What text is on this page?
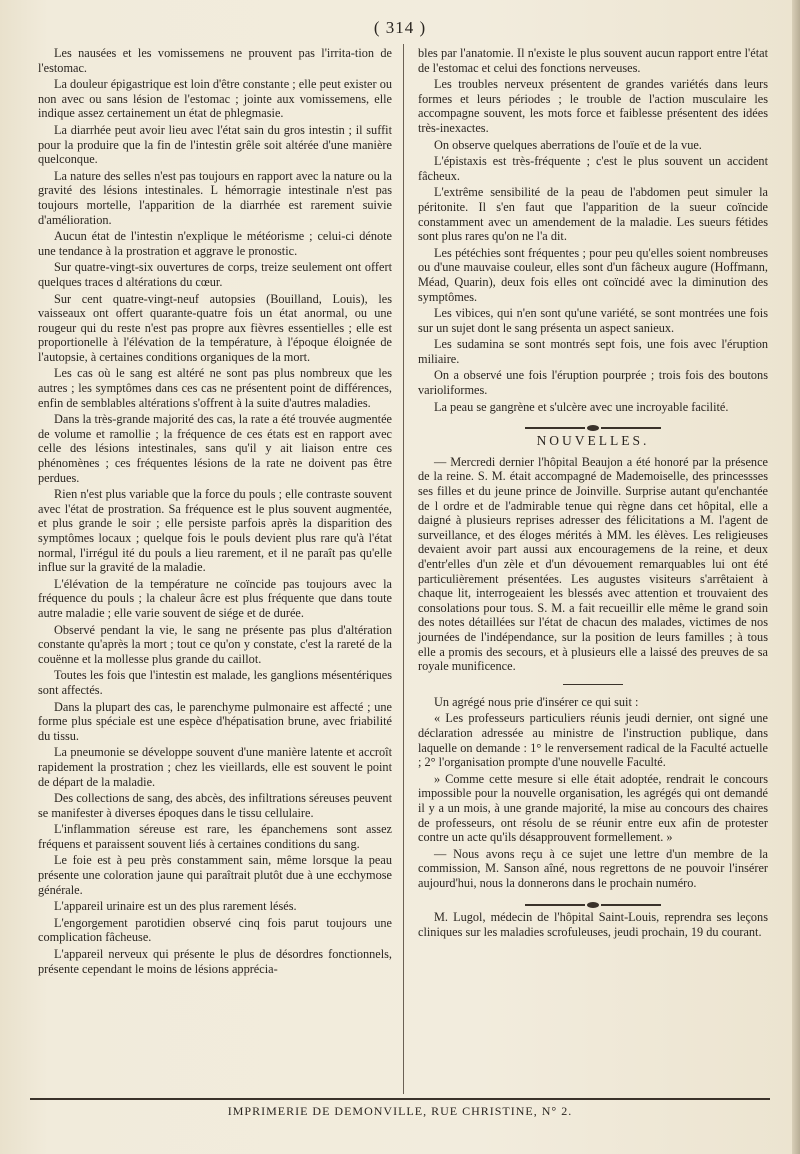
( 314 )

Les nausées et les vomissemens ne prouvent pas l'irrita-tion de l'estomac.

La douleur épigastrique est loin d'être constante ; elle peut exister ou non avec ou sans lésion de l'estomac ; jointe aux vomissemens, elle indique assez certainement un état de phlegmasie.

La diarrhée peut avoir lieu avec l'état sain du gros intestin ; il suffit pour la produire que la fin de l'intestin grêle soit altérée d'une manière quelconque.

La nature des selles n'est pas toujours en rapport avec la nature ou la gravité des lésions intestinales. L hémorragie intestinale n'est pas toujours mortelle, l'apparition de la diarrhée est rarement suivie d'amélioration.

Aucun état de l'intestin n'explique le météorisme ; celui-ci dénote une tendance à la prostration et aggrave le pronostic.

Sur quatre-vingt-six ouvertures de corps, treize seulement ont offert quelques traces d altérations du cœur.

Sur cent quatre-vingt-neuf autopsies (Bouilland, Louis), les vaisseaux ont offert quarante-quatre fois un état anormal, ou une rougeur qui du reste n'est pas propre aux fièvres essentielles ; elle est proportionelle à l'élévation de la température, à l'époque éloignée de l'autopsie, à certaines conditions organiques de la mort.

Les cas où le sang est altéré ne sont pas plus nombreux que les autres ; les symptômes dans ces cas ne présentent point de différences, enfin de semblables altérations s'offrent à la suite d'autres maladies.

Dans la très-grande majorité des cas, la rate a été trouvée augmentée de volume et ramollie ; la fréquence de ces états est en rapport avec celle des lésions intestinales, sans qu'il y ait liaison entre ces phénomènes ; ces fréquentes lésions de la rate ne doivent pas être perdues.

Rien n'est plus variable que la force du pouls ; elle contraste souvent avec l'état de prostration. Sa fréquence est le plus souvent augmentée, et plus grande le soir ; elle persiste parfois après la disparition des symptômes locaux ; quelque fois le pouls devient plus rare qu'à l'état normal, l'irrégul ité du pouls a lieu rarement, et il ne paraît pas qu'elle influe sur la gravité de la maladie.

L'élévation de la température ne coïncide pas toujours avec la fréquence du pouls ; la chaleur âcre est plus fréquente que dans toute autre maladie ; elle varie souvent de siége et de durée.

Observé pendant la vie, le sang ne présente pas plus d'altération constante qu'après la mort ; tout ce qu'on y constate, c'est la rareté de la couënne et la mollesse plus grande du caillot.

Toutes les fois que l'intestin est malade, les ganglions mésentériques sont affectés.

Dans la plupart des cas, le parenchyme pulmonaire est affecté ; une forme plus spéciale est une espèce d'hépatisation brune, avec friabilité du tissu.

La pneumonie se développe souvent d'une manière latente et accroît rapidement la prostration ; chez les vieillards, elle est souvent le point de départ de la maladie.

Des collections de sang, des abcès, des infiltrations séreuses peuvent se manifester à diverses époques dans le tissu cellulaire.

L'inflammation séreuse est rare, les épanchemens sont assez fréquens et paraissent souvent liés à certaines conditions du sang.

Le foie est à peu près constamment sain, même lorsque la peau présente une coloration jaune qui paraîtrait plutôt due à une ecchymose générale.

L'appareil urinaire est un des plus rarement lésés.

L'engorgement parotidien observé cinq fois parut toujours une complication fâcheuse.

L'appareil nerveux qui présente le plus de désordres fonctionnels, présente cependant le moins de lésions apprécia-

bles par l'anatomie. Il n'existe le plus souvent aucun rapport entre l'état de l'estomac et celui des fonctions nerveuses.

Les troubles nerveux présentent de grandes variétés dans leurs formes et leurs périodes ; le trouble de l'action musculaire les accompagne souvent, les mots force et faiblesse présentent des idées très-inexactes.

On observe quelques aberrations de l'ouïe et de la vue.

L'épistaxis est très-fréquente ; c'est le plus souvent un accident fâcheux.

L'extrême sensibilité de la peau de l'abdomen peut simuler la péritonite. Il s'en faut que l'apparition de la sueur coïncide constamment avec un amendement de la maladie. Les sueurs fétides sont plus rares qu'on ne l'a dit.

Les pétéchies sont fréquentes ; pour peu qu'elles soient nombreuses ou d'une mauvaise couleur, elles sont d'un fâcheux augure (Hoffmann, Méad, Quarin), deux fois elles ont coïncidé avec la diminution des symptômes.

Les vibices, qui n'en sont qu'une variété, se sont montrées une fois sur un sujet dont le sang présenta un aspect sanieux.

Les sudamina se sont montrés sept fois, une fois avec l'éruption miliaire.

On a observé une fois l'éruption pourprée ; trois fois des boutons varioliformes.

La peau se gangrène et s'ulcère avec une incroyable facilité.

NOUVELLES.

— Mercredi dernier l'hôpital Beaujon a été honoré par la présence de la reine. S. M. était accompagné de Mademoiselle, des princessses ses filles et du jeune prince de Joinville. Surprise autant qu'enchantée de l ordre et de l'admirable tenue qui règne dans cet hôpital, elle a daigné à plusieurs reprises adresser des félicitations a M. l'agent de surveillance, et des éloges mérités à MM. les élèves. Les religieuses devaient avoir part aussi aux encouragemens de la reine, et deux d'entr'elles d'un zèle et d'un dévouement remarquables lui ont été particulièrement présentées. Les augustes visiteurs s'arrêtaient à chaque lit, interrogeaient les blessés avec attention et trouvaient des consolations pour tous. S. M. a fait recueillir elle même le grand soin des notes détaillées sur l'état de chacun des malades, victimes de nos journées de l'indépendance, sur la position de leurs familles ; à tous elle a promis des secours, et à plusieurs elle a laissé des preuves de sa royale munificence.

Un agrégé nous prie d'insérer ce qui suit :

« Les professeurs particuliers réunis jeudi dernier, ont signé une déclaration adressée au ministre de l'instruction publique, dans laquelle on demande : 1° le renversement radical de la Faculté actuelle ; 2° l'organisation prompte d'une nouvelle Faculté.

» Comme cette mesure si elle était adoptée, rendrait le concours impossible pour la nouvelle organisation, les agrégés qui ont demandé il y a un mois, à une grande majorité, la mise au concours des chaires de professeurs, ont résolu de se réunir entre eux afin de protester contre un acte qu'ils désapprouvent formellement. »

— Nous avons reçu à ce sujet une lettre d'un membre de la commission, M. Sanson aîné, nous regrettons de ne pouvoir l'insérer aujourd'hui, nous la donnerons dans le prochain numéro.

M. Lugol, médecin de l'hôpital Saint-Louis, reprendra ses leçons cliniques sur les maladies scrofuleuses, jeudi prochain, 19 du courant.

IMPRIMERIE DE DEMONVILLE, RUE CHRISTINE, N° 2.
